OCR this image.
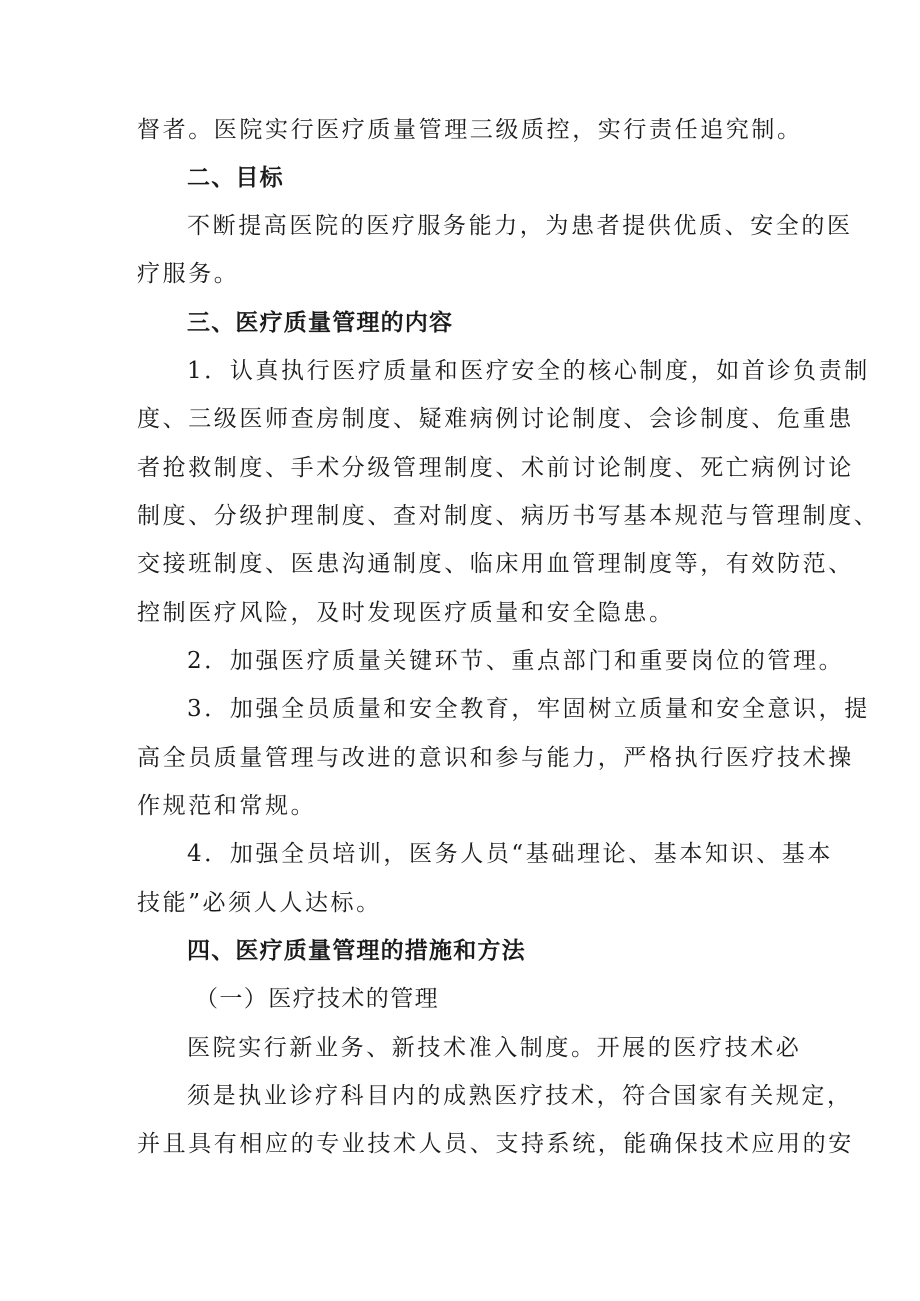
督者。医院实行医疗质量管理三级质控，实行责任追究制。
二、目标
不断提高医院的医疗服务能力，为患者提供优质、安全的医
疗服务。
三、医疗质量管理的内容
1．认真执行医疗质量和医疗安全的核心制度，如首诊负责制
度、三级医师查房制度、疑难病例讨论制度、会诊制度、危重患
者抢救制度、手术分级管理制度、术前讨论制度、死亡病例讨论
制度、分级护理制度、查对制度、病历书写基本规范与管理制度、
交接班制度、医患沟通制度、临床用血管理制度等，有效防范、
控制医疗风险，及时发现医疗质量和安全隐患。
2．加强医疗质量关键环节、重点部门和重要岗位的管理。
3．加强全员质量和安全教育，牢固树立质量和安全意识，提
高全员质量管理与改进的意识和参与能力，严格执行医疗技术操
作规范和常规。
4．加强全员培训，医务人员“基础理论、基本知识、基本
技能”必须人人达标。
四、医疗质量管理的措施和方法
（一）医疗技术的管理
医院实行新业务、新技术准入制度。开展的医疗技术必
须是执业诊疗科目内的成熟医疗技术，符合国家有关规定，
并且具有相应的专业技术人员、支持系统，能确保技术应用的安
